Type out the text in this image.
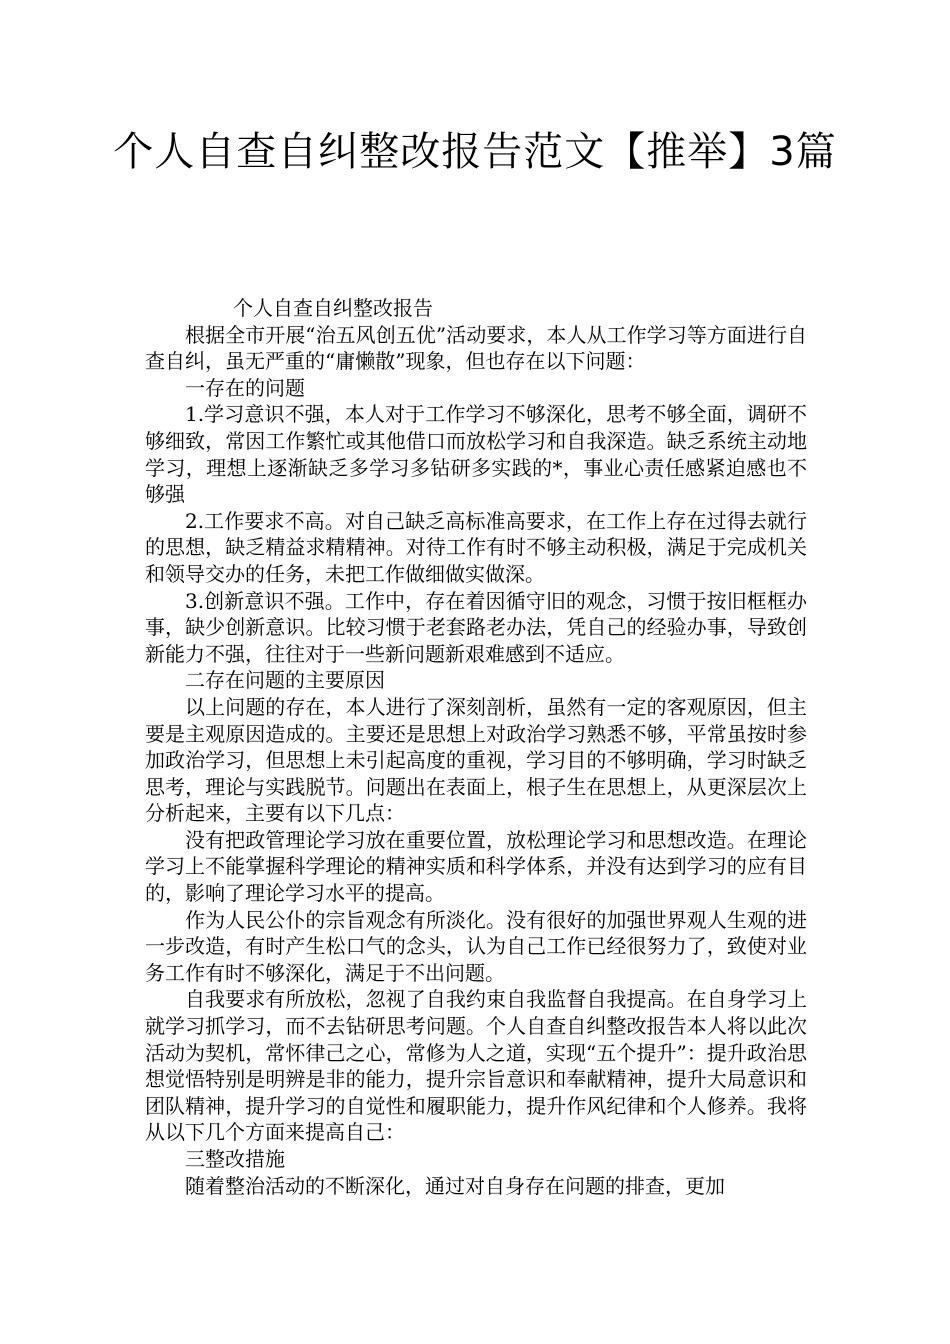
个人自查自纠整改报告范文【推举】3篇

个人自查自纠整改报告

根据全市开展“治五风创五优”活动要求，本人从工作学习等方面进行自查自纠，虽无严重的“庸懒散”现象，但也存在以下问题：

一存在的问题

1.学习意识不强，本人对于工作学习不够深化，思考不够全面，调研不够细致，常因工作繁忙或其他借口而放松学习和自我深造。缺乏系统主动地学习，理想上逐渐缺乏多学习多钻研多实践的*，事业心责任感紧迫感也不够强

2.工作要求不高。对自己缺乏高标准高要求，在工作上存在过得去就行的思想，缺乏精益求精精神。对待工作有时不够主动积极，满足于完成机关和领导交办的任务，未把工作做细做实做深。

3.创新意识不强。工作中，存在着因循守旧的观念，习惯于按旧框框办事，缺少创新意识。比较习惯于老套路老办法，凭自己的经验办事，导致创新能力不强，往往对于一些新问题新艰难感到不适应。

二存在问题的主要原因

以上问题的存在，本人进行了深刻剖析，虽然有一定的客观原因，但主要是主观原因造成的。主要还是思想上对政治学习熟悉不够，平常虽按时参加政治学习，但思想上未引起高度的重视，学习目的不够明确，学习时缺乏思考，理论与实践脱节。问题出在表面上，根子生在思想上，从更深层次上分析起来，主要有以下几点：

没有把政管理论学习放在重要位置，放松理论学习和思想改造。在理论学习上不能掌握科学理论的精神实质和科学体系，并没有达到学习的应有目的，影响了理论学习水平的提高。

作为人民公仆的宗旨观念有所淡化。没有很好的加强世界观人生观的进一步改造，有时产生松口气的念头，认为自己工作已经很努力了，致使对业务工作有时不够深化，满足于不出问题。

自我要求有所放松，忽视了自我约束自我监督自我提高。在自身学习上就学习抓学习，而不去钻研思考问题。个人自查自纠整改报告本人将以此次活动为契机，常怀律己之心，常修为人之道，实现“五个提升”：提升政治思想觉悟特别是明辨是非的能力，提升宗旨意识和奉献精神，提升大局意识和团队精神，提升学习的自觉性和履职能力，提升作风纪律和个人修养。我将从以下几个方面来提高自己：

三整改措施

随着整治活动的不断深化，通过对自身存在问题的排查，更加
